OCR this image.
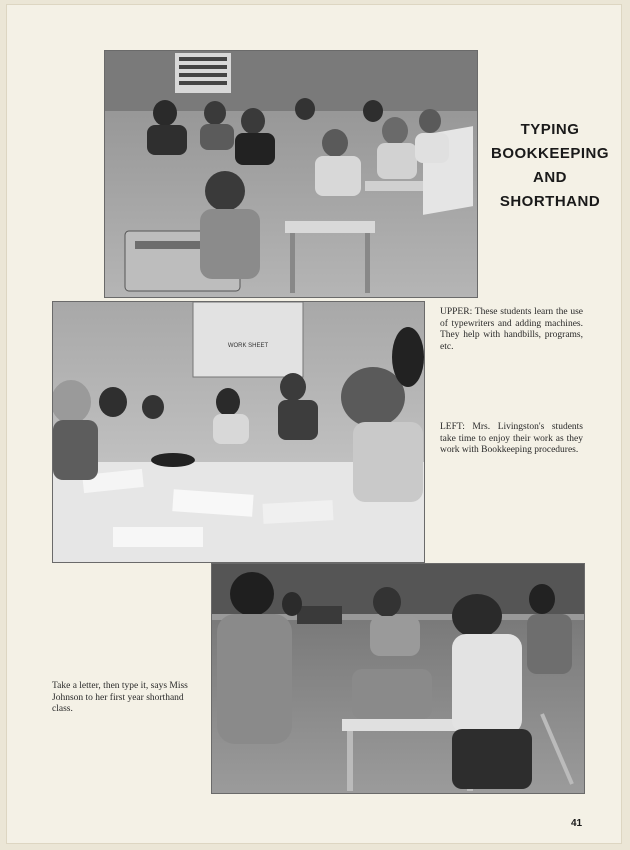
TYPING
BOOKKEEPING
AND
SHORTHAND
WORK SHEET
UPPER: These students learn the use of typewriters and adding machines. They help with handbills, programs, etc.
LEFT: Mrs. Livingston's students take time to enjoy their work as they work with Bookkeeping procedures.
Take a letter, then type it, says Miss Johnson to her first year shorthand class.
41
